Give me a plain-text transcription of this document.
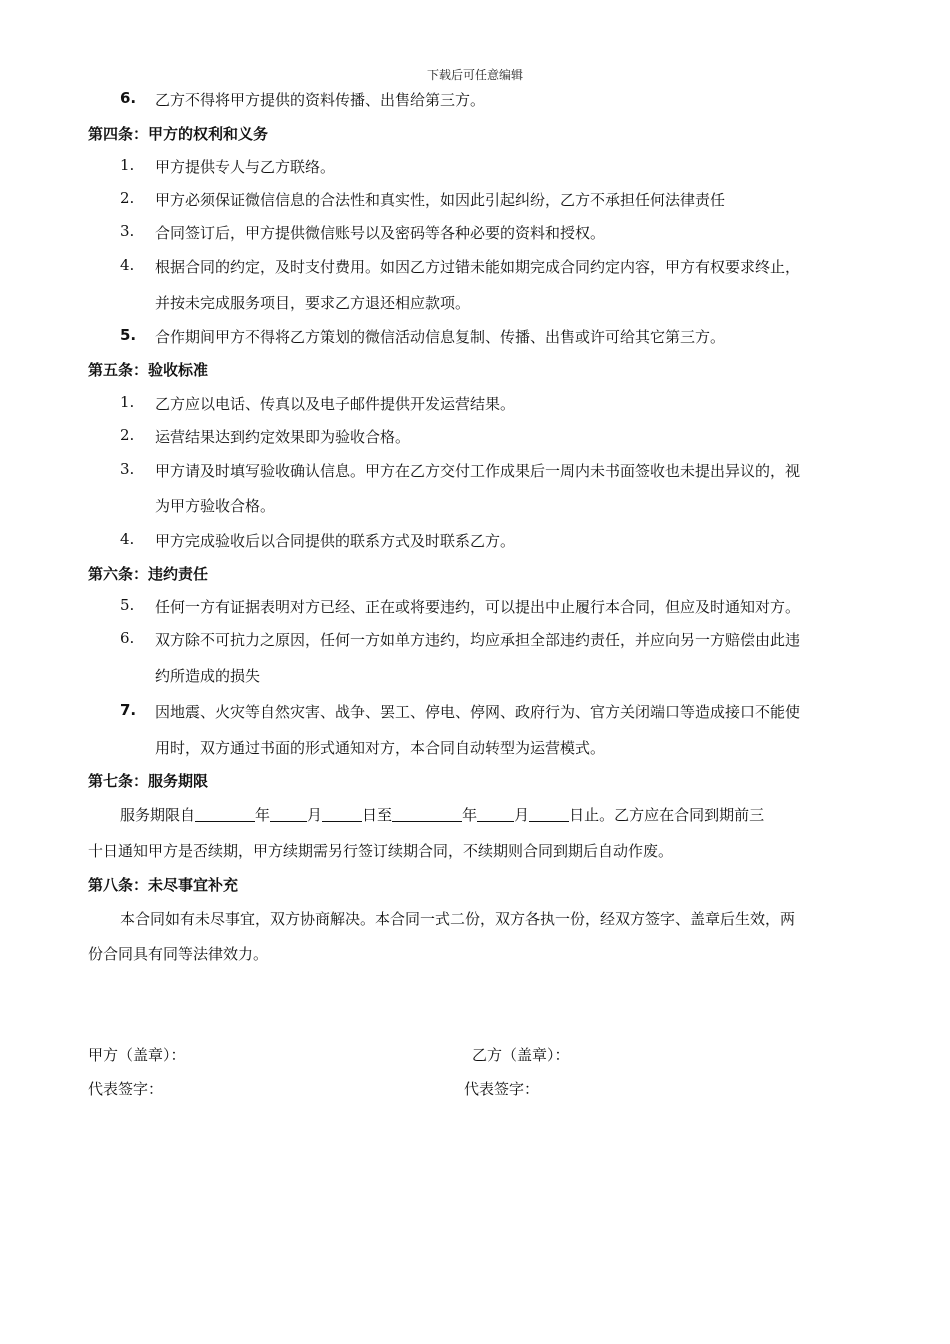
下载后可任意编辑
6. 乙方不得将甲方提供的资料传播、出售给第三方。
第四条：甲方的权利和义务
1. 甲方提供专人与乙方联络。
2. 甲方必须保证微信信息的合法性和真实性，如因此引起纠纷，乙方不承担任何法律责任
3. 合同签订后，甲方提供微信账号以及密码等各种必要的资料和授权。
4. 根据合同的约定，及时支付费用。如因乙方过错未能如期完成合同约定内容，甲方有权要求终止，
并按未完成服务项目，要求乙方退还相应款项。
5. 合作期间甲方不得将乙方策划的微信活动信息复制、传播、出售或许可给其它第三方。
第五条：验收标准
1. 乙方应以电话、传真以及电子邮件提供开发运营结果。
2. 运营结果达到约定效果即为验收合格。
3. 甲方请及时填写验收确认信息。甲方在乙方交付工作成果后一周内未书面签收也未提出异议的，视
为甲方验收合格。
4. 甲方完成验收后以合同提供的联系方式及时联系乙方。
第六条：违约责任
5. 任何一方有证据表明对方已经、正在或将要违约，可以提出中止履行本合同，但应及时通知对方。
6. 双方除不可抗力之原因，任何一方如单方违约，均应承担全部违约责任，并应向另一方赔偿由此违
约所造成的损失
7. 因地震、火灾等自然灾害、战争、罢工、停电、停网、政府行为、官方关闭端口等造成接口不能使
用时，双方通过书面的形式通知对方，本合同自动转型为运营模式。
第七条：服务期限
服务期限自	年 月	日至	年 月	日止。乙方应在合同到期前三
十日通知甲方是否续期，甲方续期需另行签订续期合同，不续期则合同到期后自动作废。
第八条：未尽事宜补充
本合同如有未尽事宜，双方协商解决。本合同一式二份，双方各执一份，经双方签字、盖章后生效，两
份合同具有同等法律效力。
甲方（盖章）：	乙方（盖章）：
代表签字：	代表签字：
